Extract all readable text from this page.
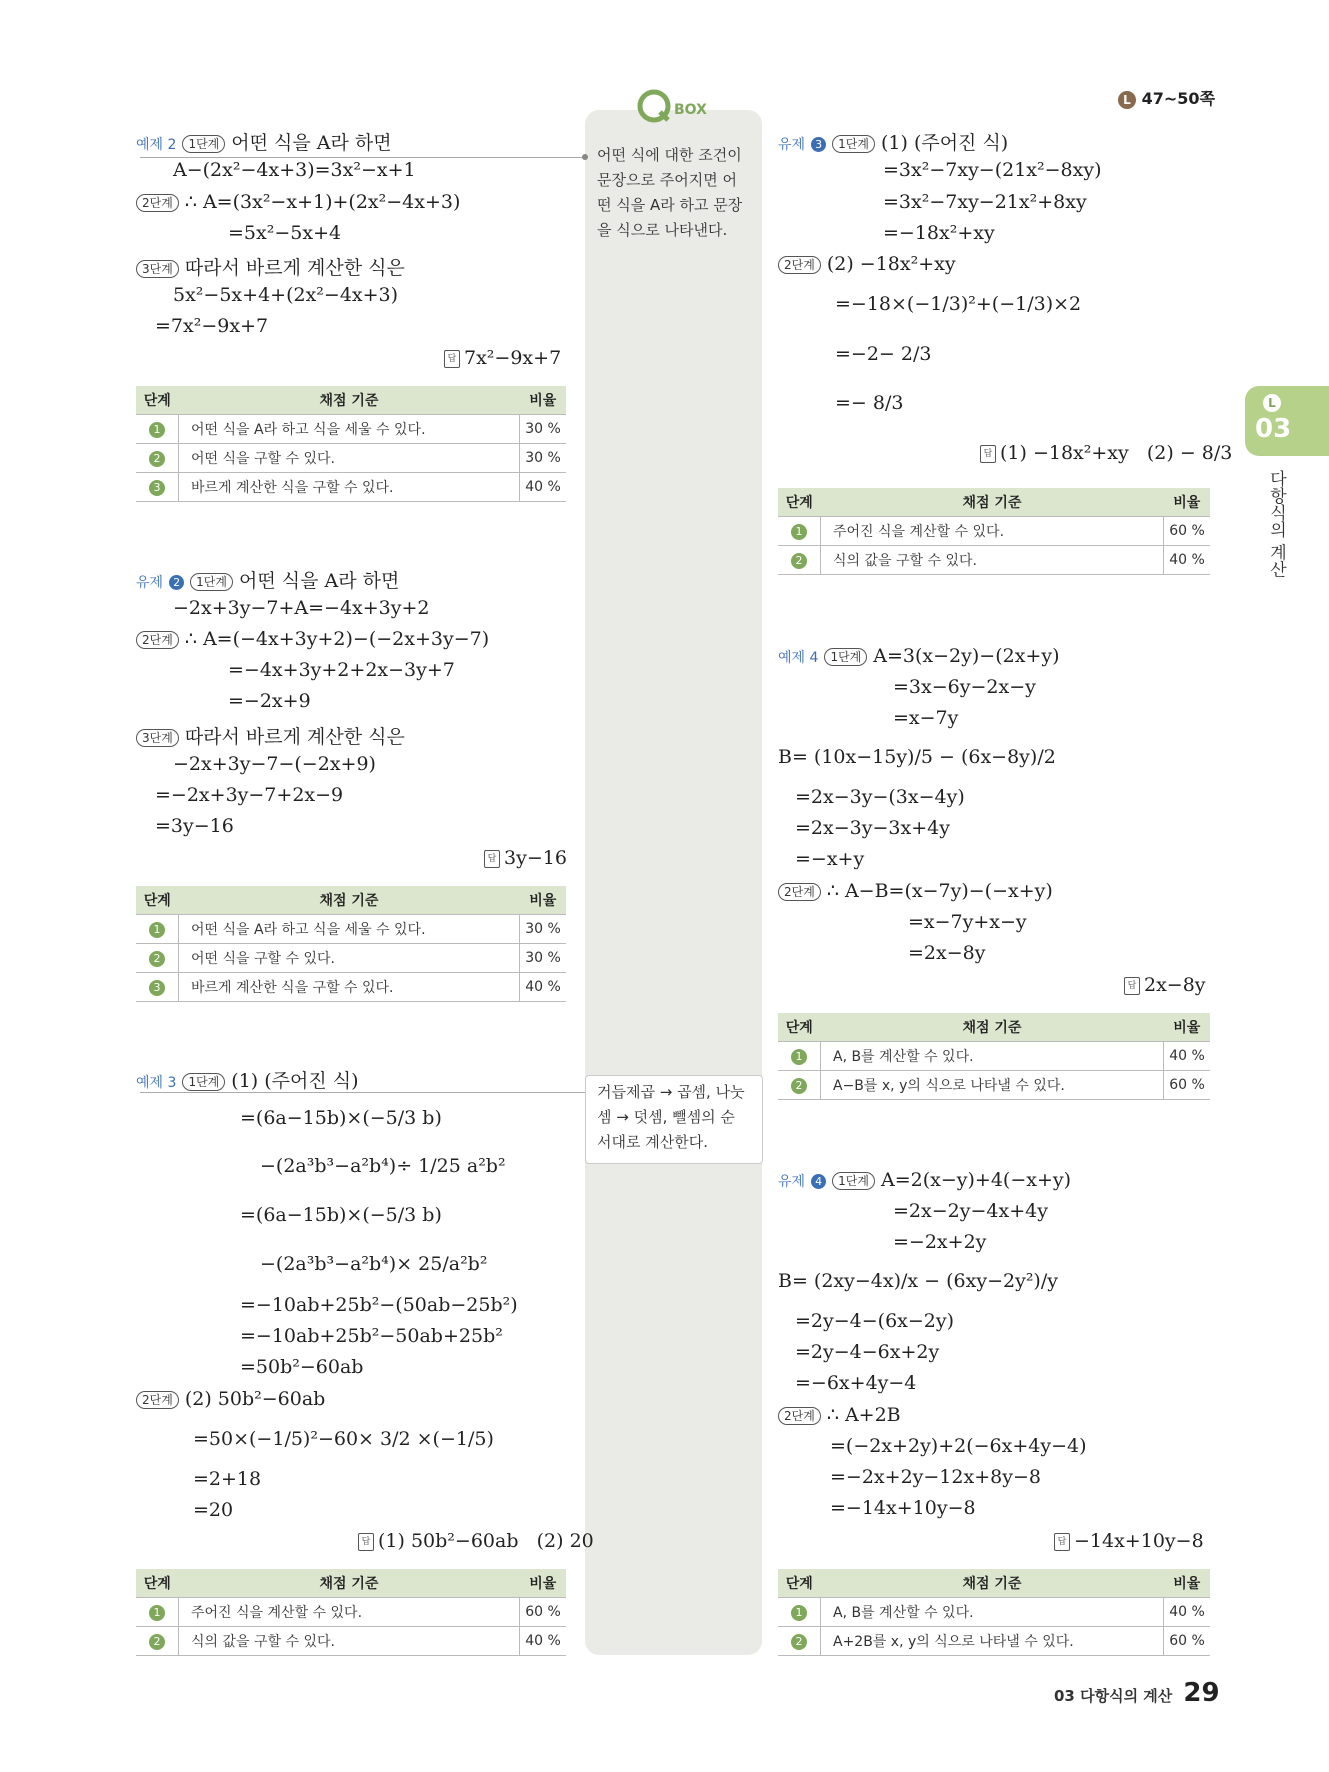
L 47~50쪽
BOX
어떤 식에 대한 조건이
문장으로 주어지면 어
떤 식을 A라 하고 문장
을 식으로 나타낸다.
거듭제곱 → 곱셈, 나눗
셈 → 덧셈, 뺄셈의 순
서대로 계산한다.
L
03
다항식의 계산
예제 2 1단계 어떤 식을 A라 하면
A−(2x²−4x+3)=3x²−x+1
2단계 ∴ A=(3x²−x+1)+(2x²−4x+3)
=5x²−5x+4
3단계 따라서 바르게 계산한 식은
5x²−5x+4+(2x²−4x+3)
=7x²−9x+7
답 7x²−9x+7
단계	채점 기준	비율
1	어떤 식을 A라 하고 식을 세울 수 있다.	30 %
2	어떤 식을 구할 수 있다.	30 %
3	바르게 계산한 식을 구할 수 있다.	40 %
유제 2 1단계 어떤 식을 A라 하면
−2x+3y−7+A=−4x+3y+2
2단계 ∴ A=(−4x+3y+2)−(−2x+3y−7)
=−4x+3y+2+2x−3y+7
=−2x+9
3단계 따라서 바르게 계산한 식은
−2x+3y−7−(−2x+9)
=−2x+3y−7+2x−9
=3y−16
답 3y−16
단계	채점 기준	비율
1	어떤 식을 A라 하고 식을 세울 수 있다.	30 %
2	어떤 식을 구할 수 있다.	30 %
3	바르게 계산한 식을 구할 수 있다.	40 %
예제 3 1단계 (1) (주어진 식)
=(6a−15b)×(−5/3 b)
−(2a³b³−a²b⁴)÷ 1/25 a²b²
=(6a−15b)×(−5/3 b)
−(2a³b³−a²b⁴)× 25/a²b²
=−10ab+25b²−(50ab−25b²)
=−10ab+25b²−50ab+25b²
=50b²−60ab
2단계 (2) 50b²−60ab
=50×(−1/5)²−60× 3/2 ×(−1/5)
=2+18
=20
답 (1) 50b²−60ab   (2) 20
단계	채점 기준	비율
1	주어진 식을 계산할 수 있다.	60 %
2	식의 값을 구할 수 있다.	40 %
유제 3 1단계 (1) (주어진 식)
=3x²−7xy−(21x²−8xy)
=3x²−7xy−21x²+8xy
=−18x²+xy
2단계 (2) −18x²+xy
=−18×(−1/3)²+(−1/3)×2
=−2− 2/3
=− 8/3
답 (1) −18x²+xy   (2) − 8/3
단계	채점 기준	비율
1	주어진 식을 계산할 수 있다.	60 %
2	식의 값을 구할 수 있다.	40 %
예제 4 1단계 A=3(x−2y)−(2x+y)
=3x−6y−2x−y
=x−7y
B= (10x−15y)/5 − (6x−8y)/2
=2x−3y−(3x−4y)
=2x−3y−3x+4y
=−x+y
2단계 ∴ A−B=(x−7y)−(−x+y)
=x−7y+x−y
=2x−8y
답 2x−8y
단계	채점 기준	비율
1	A, B를 계산할 수 있다.	40 %
2	A−B를 x, y의 식으로 나타낼 수 있다.	60 %
유제 4 1단계 A=2(x−y)+4(−x+y)
=2x−2y−4x+4y
=−2x+2y
B= (2xy−4x)/x − (6xy−2y²)/y
=2y−4−(6x−2y)
=2y−4−6x+2y
=−6x+4y−4
2단계 ∴ A+2B
=(−2x+2y)+2(−6x+4y−4)
=−2x+2y−12x+8y−8
=−14x+10y−8
답 −14x+10y−8
단계	채점 기준	비율
1	A, B를 계산할 수 있다.	40 %
2	A+2B를 x, y의 식으로 나타낼 수 있다.	60 %
03 다항식의 계산 29
